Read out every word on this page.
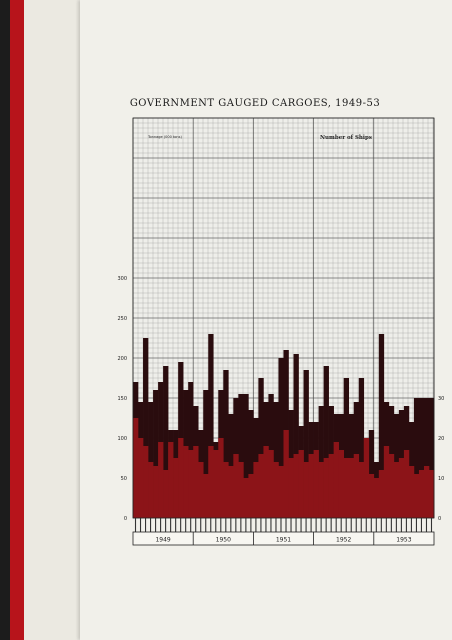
GOVERNMENT GAUGED CARGOES, 1949-53
0
50
100
150
200
250
300
0
10
20
30
Tonnage (000 tons)	Number of Ships
1949	1950	1951	1952	1953
